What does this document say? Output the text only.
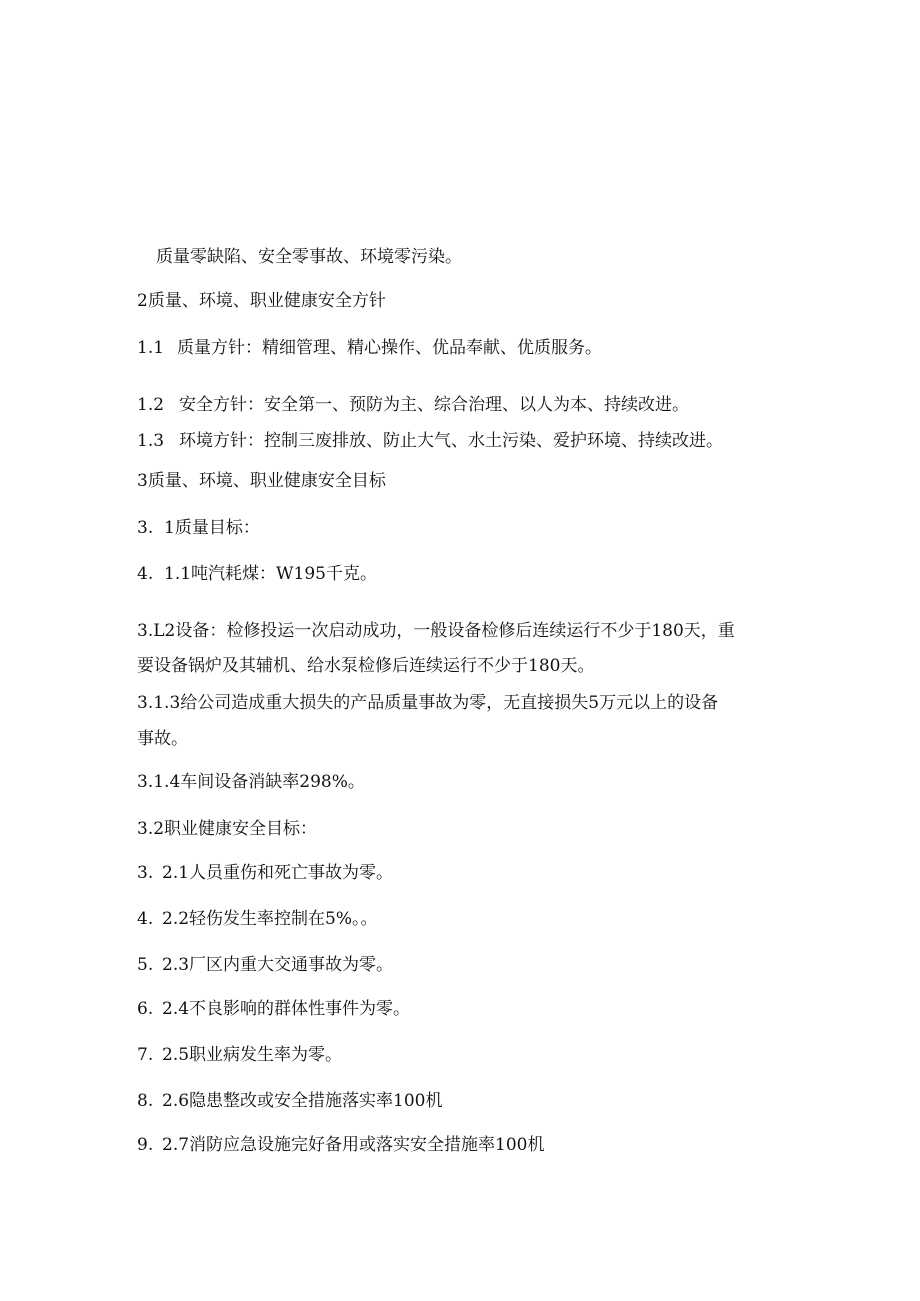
质量零缺陷、安全零事故、环境零污染。
2质量、环境、职业健康安全方针
1.1 质量方针：精细管理、精心操作、优品奉献、优质服务。
1.2 安全方针：安全第一、预防为主、综合治理、以人为本、持续改进。
1.3 环境方针：控制三废排放、防止大气、水土污染、爱护环境、持续改进。
3质量、环境、职业健康安全目标
3. 1质量目标：
4. 1.1吨汽耗煤：W195千克。
3.L2设备：检修投运一次启动成功，一般设备检修后连续运行不少于180天，重
要设备锅炉及其辅机、给水泵检修后连续运行不少于180天。
3.1.3给公司造成重大损失的产品质量事故为零，无直接损失5万元以上的设备
事故。
3.1.4车间设备消缺率298%。
3.2职业健康安全目标：
3. 2.1人员重伤和死亡事故为零。
4. 2.2轻伤发生率控制在5%。。
5. 2.3厂区内重大交通事故为零。
6. 2.4不良影响的群体性事件为零。
7. 2.5职业病发生率为零。
8. 2.6隐患整改或安全措施落实率100机
9. 2.7消防应急设施完好备用或落实安全措施率100机
